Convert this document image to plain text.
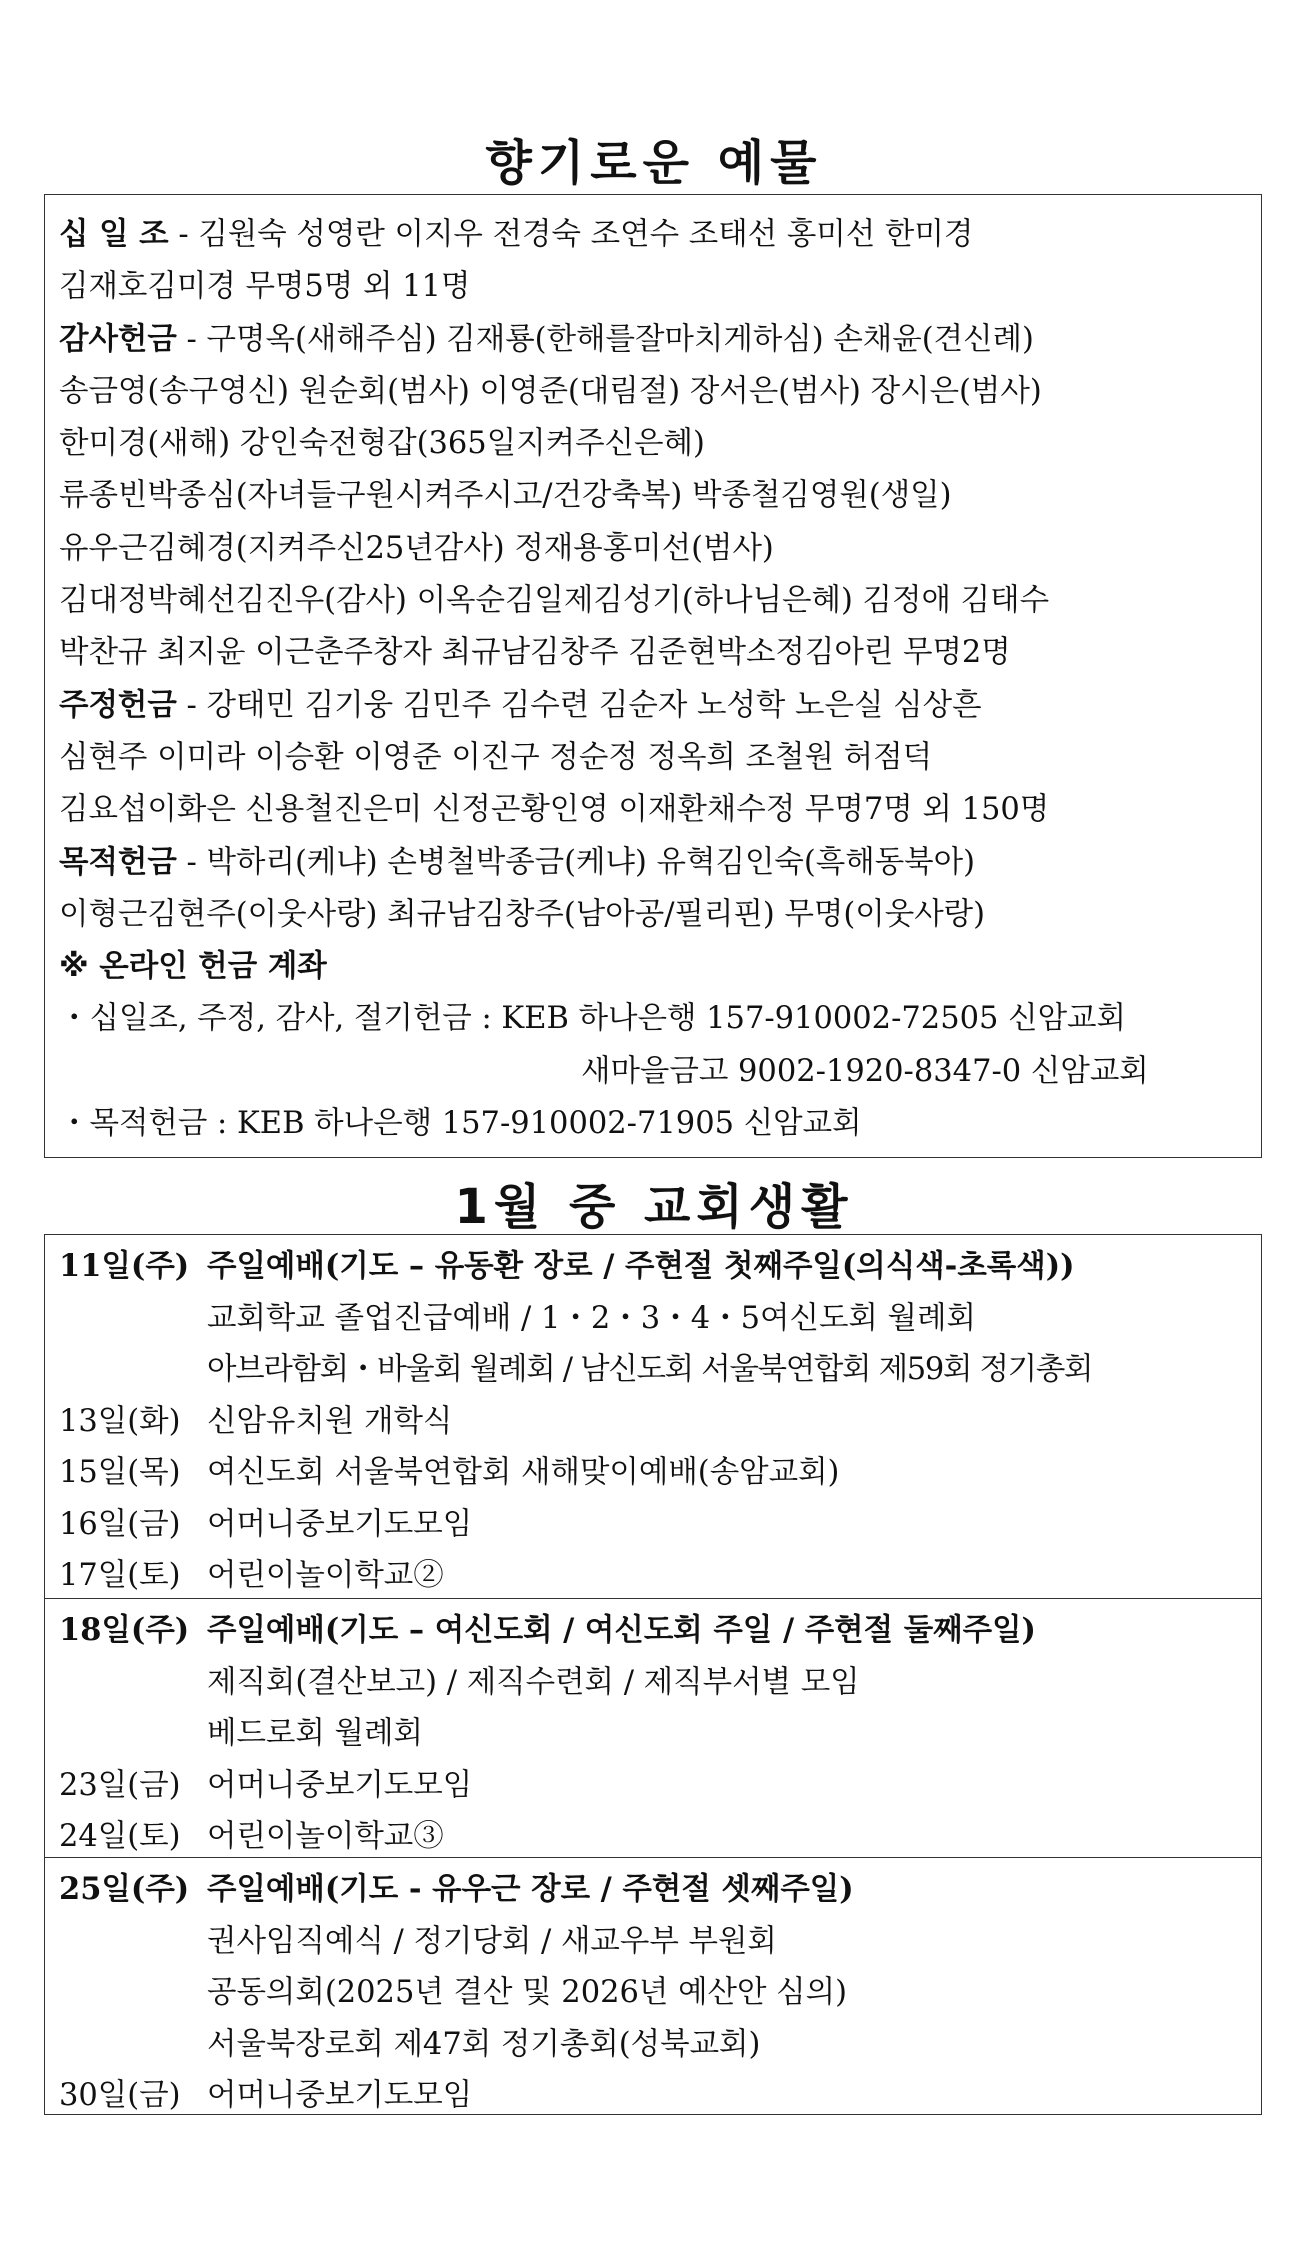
향기로운 예물
십 일 조 - 김원숙 성영란 이지우 전경숙 조연수 조태선 홍미선 한미경
김재호김미경 무명5명 외 11명
감사헌금 - 구명옥(새해주심) 김재룡(한해를잘마치게하심) 손채윤(견신례)
송금영(송구영신) 원순회(범사) 이영준(대림절) 장서은(범사) 장시은(범사)
한미경(새해) 강인숙전형갑(365일지켜주신은혜)
류종빈박종심(자녀들구원시켜주시고/건강축복) 박종철김영원(생일)
유우근김혜경(지켜주신25년감사) 정재용홍미선(범사)
김대정박혜선김진우(감사) 이옥순김일제김성기(하나님은혜) 김정애 김태수
박찬규 최지윤 이근춘주창자 최규남김창주 김준현박소정김아린 무명2명
주정헌금 - 강태민 김기웅 김민주 김수련 김순자 노성학 노은실 심상흔
심현주 이미라 이승환 이영준 이진구 정순정 정옥희 조철원 허점덕
김요섭이화은 신용철진은미 신정곤황인영 이재환채수정 무명7명 외 150명
목적헌금 - 박하리(케냐) 손병철박종금(케냐) 유혁김인숙(흑해동북아)
이형근김현주(이웃사랑) 최규남김창주(남아공/필리핀) 무명(이웃사랑)
※ 온라인 헌금 계좌
・십일조, 주정, 감사, 절기헌금 : KEB 하나은행 157-910002-72505 신암교회
새마을금고 9002-1920-8347-0 신암교회
・목적헌금 : KEB 하나은행 157-910002-71905 신암교회
1월 중 교회생활
11일(주) 주일예배(기도 – 유동환 장로 / 주현절 첫째주일(의식색-초록색))
교회학교 졸업진급예배 / 1・2・3・4・5여신도회 월례회
아브라함회・바울회 월례회 / 남신도회 서울북연합회 제59회 정기총회
13일(화) 신암유치원 개학식
15일(목) 여신도회 서울북연합회 새해맞이예배(송암교회)
16일(금) 어머니중보기도모임
17일(토) 어린이놀이학교②
18일(주) 주일예배(기도 – 여신도회 / 여신도회 주일 / 주현절 둘째주일)
제직회(결산보고) / 제직수련회 / 제직부서별 모임
베드로회 월례회
23일(금) 어머니중보기도모임
24일(토) 어린이놀이학교③
25일(주) 주일예배(기도 - 유우근 장로 / 주현절 셋째주일)
권사임직예식 / 정기당회 / 새교우부 부원회
공동의회(2025년 결산 및 2026년 예산안 심의)
서울북장로회 제47회 정기총회(성북교회)
30일(금) 어머니중보기도모임
